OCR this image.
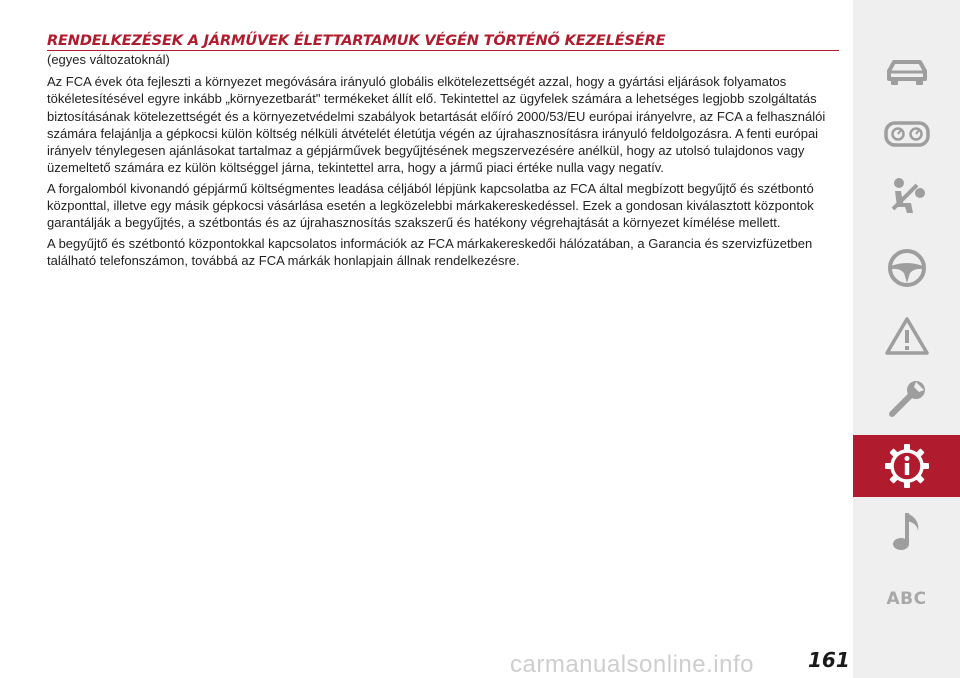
RENDELKEZÉSEK A JÁRMŰVEK ÉLETTARTAMUK VÉGÉN TÖRTÉNŐ KEZELÉSÉRE
(egyes változatoknál)

Az FCA évek óta fejleszti a környezet megóvására irányuló globális elkötelezettségét azzal, hogy a gyártási eljárások folyamatos tökéletesítésével egyre inkább „környezetbarát" termékeket állít elő. Tekintettel az ügyfelek számára a lehetséges legjobb szolgáltatás biztosításának kötelezettségét és a környezetvédelmi szabályok betartását előíró 2000/53/EU európai irányelvre, az FCA a felhasználói számára felajánlja a gépkocsi külön költség nélküli átvételét életútja végén az újrahasznosításra irányuló feldolgozásra. A fenti európai irányelv ténylegesen ajánlásokat tartalmaz a gépjárművek begyűjtésének megszervezésére anélkül, hogy az utolsó tulajdonos vagy üzemeltető számára ez külön költséggel járna, tekintettel arra, hogy a jármű piaci értéke nulla vagy negatív.

A forgalomból kivonandó gépjármű költségmentes leadása céljából lépjünk kapcsolatba az FCA által megbízott begyűjtő és szétbontó központtal, illetve egy másik gépkocsi vásárlása esetén a legközelebbi márkakereskedéssel. Ezek a gondosan kiválasztott központok garantálják a begyűjtés, a szétbontás és az újrahasznosítás szakszerű és hatékony végrehajtását a környezet kímélése mellett.

A begyűjtő és szétbontó központokkal kapcsolatos információk az FCA márkakereskedői hálózatában, a Garancia és szervizfüzetben található telefonszámon, továbbá az FCA márkák honlapjain állnak rendelkezésre.

carmanualsonline.info	161
ABC
